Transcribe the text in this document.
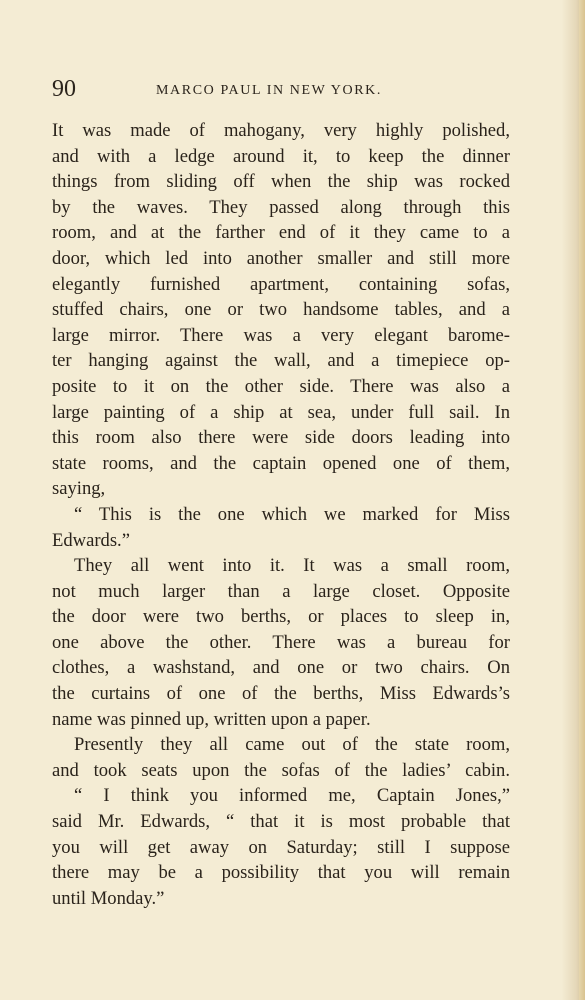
90	MARCO PAUL IN NEW YORK.
It was made of mahogany, very highly polished,
and with a ledge around it, to keep the dinner
things from sliding off when the ship was rocked
by the waves. They passed along through this
room, and at the farther end of it they came to a
door, which led into another smaller and still more
elegantly furnished apartment, containing sofas,
stuffed chairs, one or two handsome tables, and a
large mirror. There was a very elegant barome-
ter hanging against the wall, and a timepiece op-
posite to it on the other side. There was also a
large painting of a ship at sea, under full sail. In
this room also there were side doors leading into
state rooms, and the captain opened one of them,
saying,
“ This is the one which we marked for Miss
Edwards.”
They all went into it. It was a small room,
not much larger than a large closet. Opposite
the door were two berths, or places to sleep in,
one above the other. There was a bureau for
clothes, a washstand, and one or two chairs. On
the curtains of one of the berths, Miss Edwards’s
name was pinned up, written upon a paper.
Presently they all came out of the state room,
and took seats upon the sofas of the ladies’ cabin.
“ I think you informed me, Captain Jones,”
said Mr. Edwards, “ that it is most probable that
you will get away on Saturday; still I suppose
there may be a possibility that you will remain
until Monday.”
